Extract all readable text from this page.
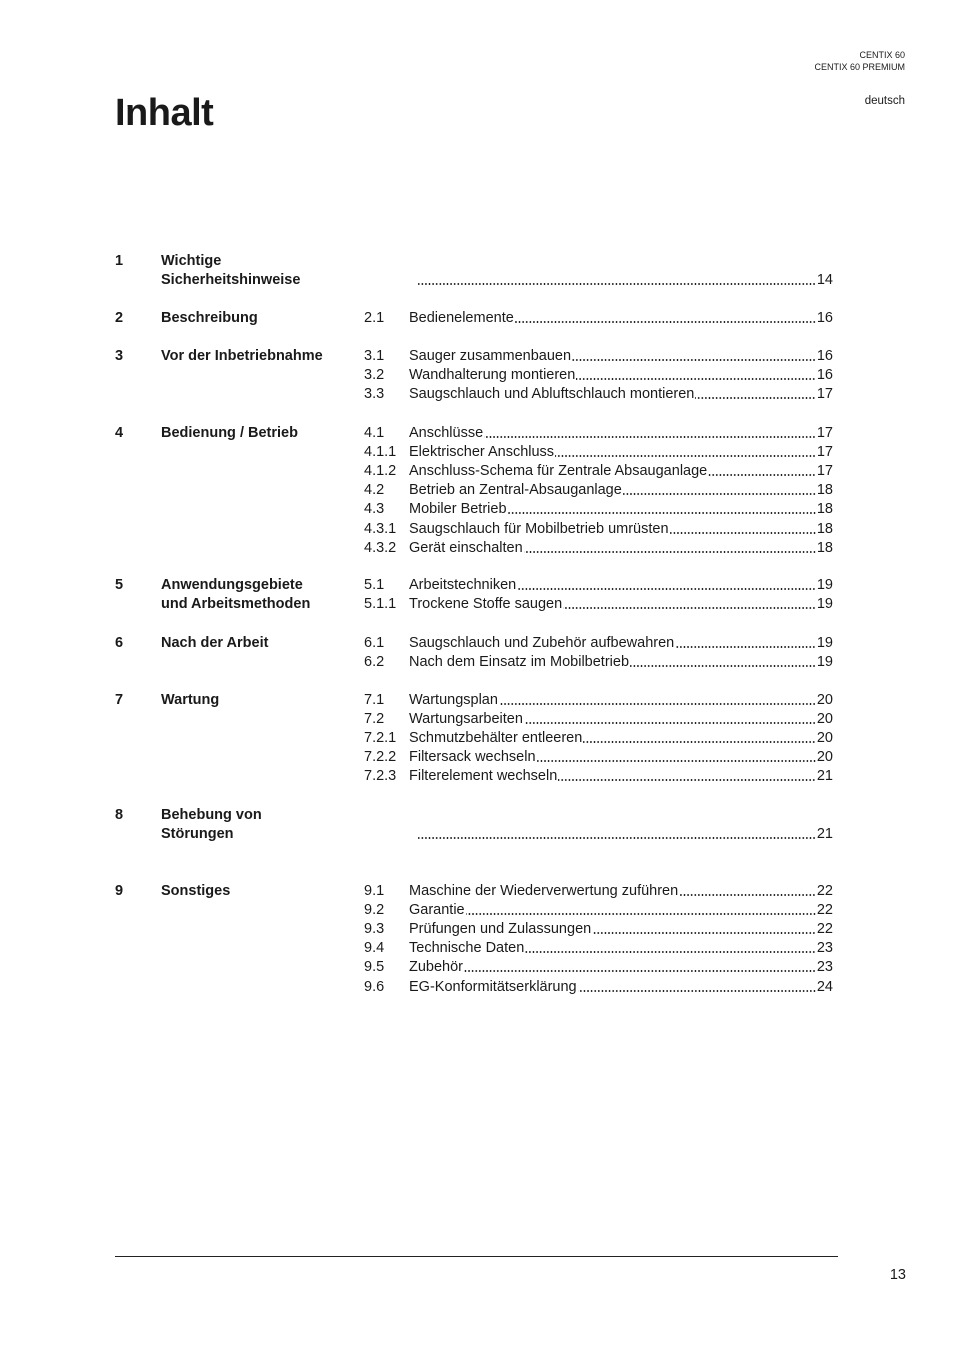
CENTIX 60
CENTIX 60 PREMIUM
deutsch
Inhalt
1	Wichtige
Sicherheitshinweise	14
2	Beschreibung	2.1 Bedienelemente	16
3	Vor der Inbetriebnahme	3.1 Sauger zusammenbauen	16
3.2 Wandhalterung montieren	16
3.3 Saugschlauch und Abluftschlauch montieren	17
4	Bedienung / Betrieb	4.1 Anschlüsse	17
4.1.1 Elektrischer Anschluss	17
4.1.2 Anschluss-Schema für Zentrale Absauganlage	17
4.2 Betrieb an Zentral-Absauganlage	18
4.3 Mobiler Betrieb	18
4.3.1 Saugschlauch für Mobilbetrieb umrüsten	18
4.3.2 Gerät einschalten	18
5	Anwendungsgebiete
und Arbeitsmethoden
5.1 Arbeitstechniken	19
5.1.1 Trockene Stoffe saugen	19
6	Nach der Arbeit	6.1 Saugschlauch und Zubehör aufbewahren	19
6.2 Nach dem Einsatz im Mobilbetrieb	19
7	Wartung	7.1 Wartungsplan	20
7.2 Wartungsarbeiten	20
7.2.1 Schmutzbehälter entleeren	20
7.2.2 Filtersack wechseln	20
7.2.3 Filterelement wechseln	21
8	Behebung von
Störungen	21
9	Sonstiges	9.1 Maschine der Wiederverwertung zuführen	22
9.2 Garantie	22
9.3 Prüfungen und Zulassungen	22
9.4 Technische Daten	23
9.5 Zubehör	23
9.6 EG-Konformitätserklärung	24
13
